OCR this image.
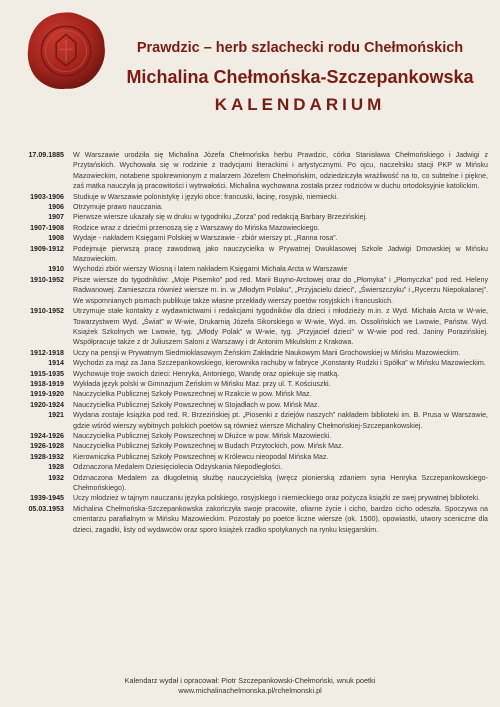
Prawdzic – herb szlachecki rodu Chełmońskich
Michalina Chełmońska-Szczepankowska
KALENDARIUM
17.09.1885 W Warszawie urodziła się Michalina Józefa Chełmońska herbu Prawdzic, córka Stanisława Chełmońskiego i Jadwigi z Przytańskich. Wychowała się w rodzinie z tradycjami literackimi i artystycznymi. Po ojcu, naczelniku stacji PKP w Mińsku Mazowieckim, notabene spokrewnionym z malarzem Józefem Chełmońskim, odziedziczyła wrażliwość na to, co subtelne i piękne, zaś matka nauczyła ją pracowitości i wytrwałości. Michalina wychowana została przez rodziców w duchu ortodoksyjnie katolickim.
1903-1906 Studiuje w Warszawie polonistykę i języki obce: francuski, łacinę, rosyjski, niemiecki.
1906 Otrzymuje prawo nauczania.
1907 Pierwsze wiersze ukazały się w druku w tygodniku „Zorza” pod redakcją Barbary Brzezińskiej.
1907-1908 Rodzice wraz z dziećmi przenoszą się z Warszawy do Mińska Mazowieckiego.
1908 Wydaje - nakładem Księgarni Polskiej w Warszawie - zbiór wierszy pt. „Ranna rosa”.
1909-1912 Podejmuje pierwszą pracę zawodową jako nauczycielka w Prywatnej Dwuklasowej Szkole Jadwigi Dmowskiej w Mińsku Mazowieckim.
1910 Wychodzi zbiór wierszy Wiosną i latem nakładem Księgarni Michała Arcta w Warszawie
1910-1952 Pisze wiersze do tygodników: „Moje Pisemko” pod red. Marii Buyno-Arctowej oraz do „Płomyka” i „Płomyczka” pod red. Heleny Radwanowej. Zamieszcza również wiersze m. in. w „Młodym Polaku”, „Przyjacielu dzieci”, „Świerszczyku” i „Rycerzu Niepokalanej”. We wspomnianych pismach publikuje także własne przekłady wierszy poetów rosyjskich i francuskich.
1910-1952 Utrzymuje stałe kontakty z wydawnictwami i redakcjami tygodników dla dzieci i młodzieży m.in. z Wyd. Michała Arcta w W-wie, Towarzystwem Wyd. „Świat” w W-wie, Drukarnią Józefa Sikorskiego w W-wie, Wyd. im. Ossolińskich we Lwowie, Państw. Wyd. Książek Szkolnych we Lwowie, tyg. „Młody Polak” w W-wie, tyg. „Przyjaciel dzieci” w W-wie pod red. Janiny Porazińskiej. Współpracuje także z dr Juliuszem Saloni z Warszawy i dr Antonim Mikulskim z Krakowa.
1912-1918 Uczy na pensji w Prywatnym Siedmioklasowym Żeńskim Zakładzie Naukowym Marii Grochowskiej w Mińsku Mazowieckim.
1914 Wychodzi za mąż za Jana Szczepankowskiego, kierownika rachuby w fabryce „Konstanty Rudzki i Spółka” w Mińsku Mazowieckim.
1915-1935 Wychowuje troje swoich dzieci: Henryka, Antoniego, Wandę oraz opiekuje się matką.
1918-1919 Wykłada język polski w Gimnazjum Żeńskim w Mińsku Maz. przy ul. T. Kościuszki.
1919-1920 Nauczycielka Publicznej Szkoły Powszechnej w Rzakcie w pow. Mińsk Maz.
1920-1924 Nauczycielka Publicznej Szkoły Powszechnej w Stojadłach w pow. Mińsk Maz.
1921 Wydana zostaje książka pod red. R. Brzezińskiej pt. „Piosenki z dziejów naszych” nakładem biblioteki im. B. Prusa w Warszawie, gdzie wśród wierszy wybitnych polskich poetów są również wiersze Michaliny Chełmońskiej-Szczepankowskiej.
1924-1926 Nauczycielka Publicznej Szkoły Powszechnej w Dłużce w pow. Mińsk Mazowiecki.
1926-1928 Nauczycielka Publicznej Szkoły Powszechnej w Budach Przytockich, pow. Mińsk Maz.
1928-1932 Kierowniczka Publicznej Szkoły Powszechnej w Królewcu nieopodal Mińska Maz.
1928 Odznaczona Medalem Dziesięciolecia Odzyskania Niepodległości.
1932 Odznaczona Medalem za długoletnią służbę nauczycielską (wręcz pionierską zdaniem syna Henryka Szczepankowskiego-Chełmońskiego).
1939-1945 Uczy młodzież w tajnym nauczaniu języka polskiego, rosyjskiego i niemieckiego oraz pożycza książki ze swej prywatnej biblioteki.
05.03.1953 Michalina Chełmońska-Szczepankowska zakończyła swoje pracowite, ofiarne życie i cicho, bardzo cicho odeszła. Spoczywa na cmentarzu parafialnym w Mińsku Mazowieckim. Pozostały po poetce liczne wiersze (ok. 1500), opowiastki, utwory sceniczne dla dzieci, zagadki, listy od wydawców oraz sporo książek rzadko spotykanych na rynku księgarskim.
Kalendarz wydał i opracował: Piotr Szczepankowski-Chełmoński, wnuk poetki
www.michalinachelmonska.pl/rchelmonski.pl
